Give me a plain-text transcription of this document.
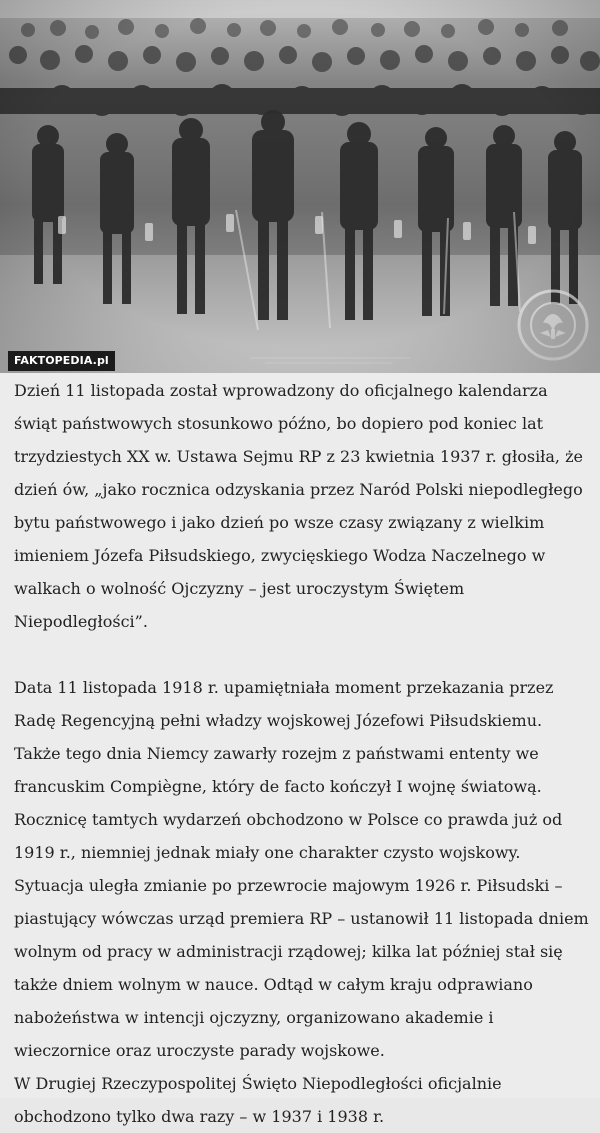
FAKTOPEDIA.pl

Dzień 11 listopada został wprowadzony do oficjalnego kalendarza świąt państwowych stosunkowo późno, bo dopiero pod koniec lat trzydziestych XX w. Ustawa Sejmu RP z 23 kwietnia 1937 r. głosiła, że dzień ów, „jako rocznica odzyskania przez Naród Polski niepodległego bytu państwowego i jako dzień po wsze czasy związany z wielkim imieniem Józefa Piłsudskiego, zwycięskiego Wodza Naczelnego w walkach o wolność Ojczyzny – jest uroczystym Świętem Niepodległości”.

Data 11 listopada 1918 r. upamiętniała moment przekazania przez Radę Regencyjną pełni władzy wojskowej Józefowi Piłsudskiemu. Także tego dnia Niemcy zawarły rozejm z państwami ententy we francuskim Compiègne, który de facto kończył I wojnę światową. Rocznicę tamtych wydarzeń obchodzono w Polsce co prawda już od 1919 r., niemniej jednak miały one charakter czysto wojskowy. Sytuacja uległa zmianie po przewrocie majowym 1926 r. Piłsudski – piastujący wówczas urząd premiera RP – ustanowił 11 listopada dniem wolnym od pracy w administracji rządowej; kilka lat później stał się także dniem wolnym w nauce. Odtąd w całym kraju odprawiano nabożeństwa w intencji ojczyzny, organizowano akademie i wieczornice oraz uroczyste parady wojskowe.

W Drugiej Rzeczypospolitej Święto Niepodległości oficjalnie obchodzono tylko dwa razy – w 1937 i 1938 r.
